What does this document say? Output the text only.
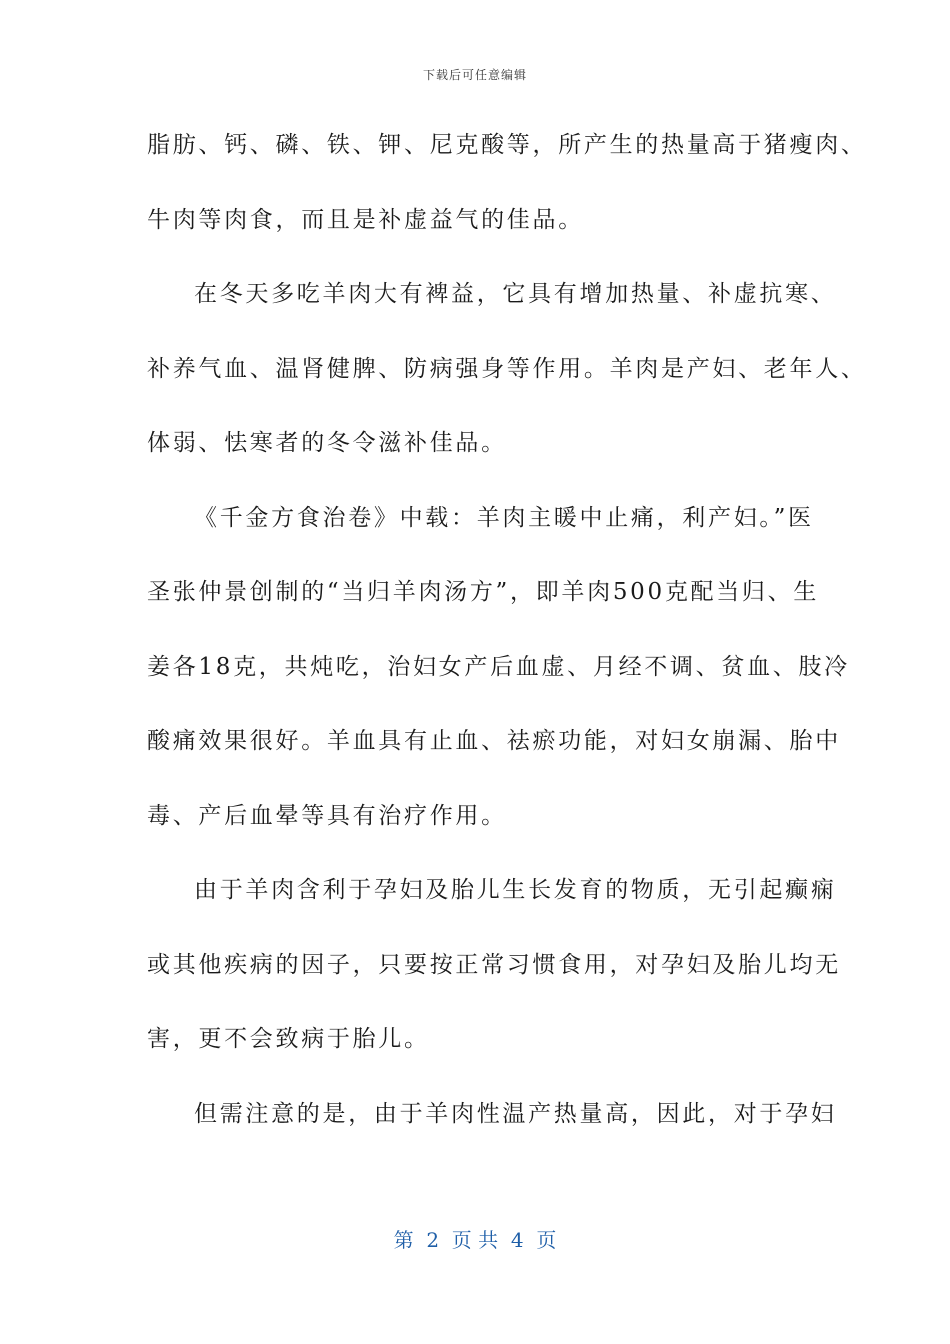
下载后可任意编辑
脂肪、钙、磷、铁、钾、尼克酸等，所产生的热量高于猪瘦肉、
牛肉等肉食，而且是补虚益气的佳品。
在冬天多吃羊肉大有裨益，它具有增加热量、补虚抗寒、
补养气血、温肾健脾、防病强身等作用。羊肉是产妇、老年人、
体弱、怯寒者的冬令滋补佳品。
《千金方食治卷》中载：羊肉主暖中止痛，利产妇。”医
圣张仲景创制的“当归羊肉汤方”，即羊肉500克配当归、生
姜各18克，共炖吃，治妇女产后血虚、月经不调、贫血、肢冷
酸痛效果很好。羊血具有止血、祛瘀功能，对妇女崩漏、胎中
毒、产后血晕等具有治疗作用。
由于羊肉含利于孕妇及胎儿生长发育的物质，无引起癫痫
或其他疾病的因子，只要按正常习惯食用，对孕妇及胎儿均无
害，更不会致病于胎儿。
但需注意的是，由于羊肉性温产热量高，因此，对于孕妇
第  2  页 共  4  页
